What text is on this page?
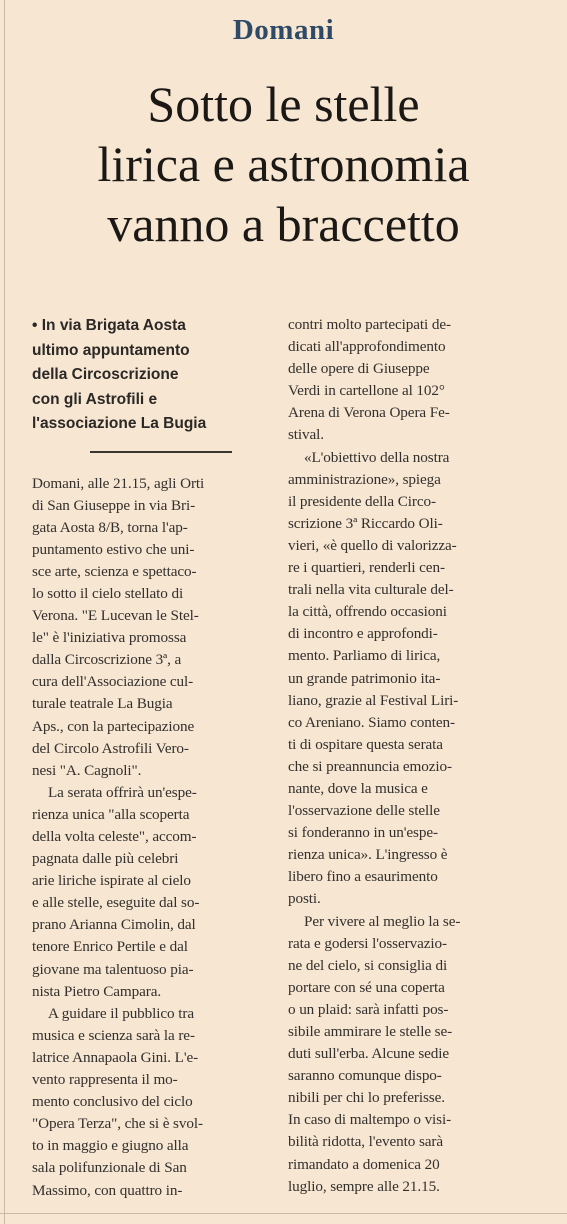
Domani
Sotto le stelle
lirica e astronomia
vanno a braccetto
• In via Brigata Aosta
ultimo appuntamento
della Circoscrizione
con gli Astrofili e
l'associazione La Bugia
Domani, alle 21.15, agli Orti
di San Giuseppe in via Bri-
gata Aosta 8/B, torna l'ap-
puntamento estivo che uni-
sce arte, scienza e spettaco-
lo sotto il cielo stellato di
Verona. "E Lucevan le Stel-
le" è l'iniziativa promossa
dalla Circoscrizione 3ª, a
cura dell'Associazione cul-
turale teatrale La Bugia
Aps., con la partecipazione
del Circolo Astrofili Vero-
nesi "A. Cagnoli".
La serata offrirà un'espe-
rienza unica "alla scoperta
della volta celeste", accom-
pagnata dalle più celebri
arie liriche ispirate al cielo
e alle stelle, eseguite dal so-
prano Arianna Cimolin, dal
tenore Enrico Pertile e dal
giovane ma talentuoso pia-
nista Pietro Campara.
A guidare il pubblico tra
musica e scienza sarà la re-
latrice Annapaola Gini. L'e-
vento rappresenta il mo-
mento conclusivo del ciclo
"Opera Terza", che si è svol-
to in maggio e giugno alla
sala polifunzionale di San
Massimo, con quattro in-
contri molto partecipati de-
dicati all'approfondimento
delle opere di Giuseppe
Verdi in cartellone al 102°
Arena di Verona Opera Fe-
stival.
«L'obiettivo della nostra
amministrazione», spiega
il presidente della Circo-
scrizione 3ª Riccardo Oli-
vieri, «è quello di valorizza-
re i quartieri, renderli cen-
trali nella vita culturale del-
la città, offrendo occasioni
di incontro e approfondi-
mento. Parliamo di lirica,
un grande patrimonio ita-
liano, grazie al Festival Liri-
co Areniano. Siamo conten-
ti di ospitare questa serata
che si preannuncia emozio-
nante, dove la musica e
l'osservazione delle stelle
si fonderanno in un'espe-
rienza unica». L'ingresso è
libero fino a esaurimento
posti.
Per vivere al meglio la se-
rata e godersi l'osservazio-
ne del cielo, si consiglia di
portare con sé una coperta
o un plaid: sarà infatti pos-
sibile ammirare le stelle se-
duti sull'erba. Alcune sedie
saranno comunque dispo-
nibili per chi lo preferisse.
In caso di maltempo o visi-
bilità ridotta, l'evento sarà
rimandato a domenica 20
luglio, sempre alle 21.15.
